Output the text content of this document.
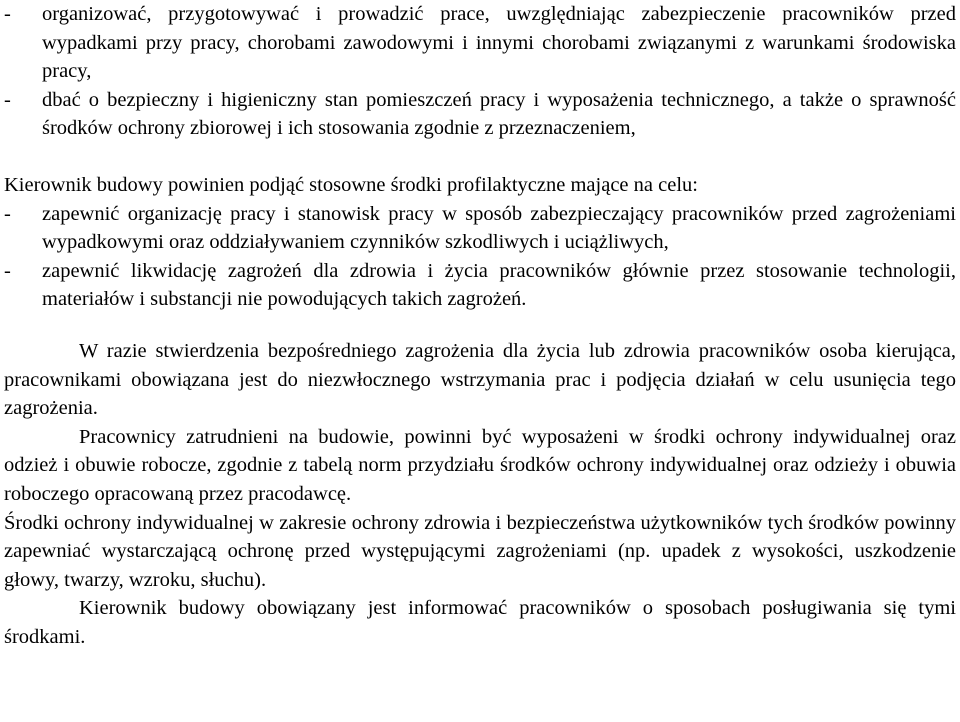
-	organizować, przygotowywać i prowadzić prace, uwzględniając zabezpieczenie pracowników przed wypadkami przy pracy, chorobami zawodowymi i innymi chorobami związanymi z warunkami środowiska pracy,
-	dbać o bezpieczny i higieniczny stan pomieszczeń pracy i wyposażenia technicznego, a także o sprawność środków ochrony zbiorowej i ich stosowania zgodnie z przeznaczeniem,

Kierownik budowy powinien podjąć stosowne środki profilaktyczne mające na celu:

-	zapewnić organizację pracy i stanowisk pracy w sposób zabezpieczający pracowników przed zagrożeniami wypadkowymi oraz oddziaływaniem czynników szkodliwych i uciążliwych,
-	zapewnić likwidację zagrożeń dla zdrowia i życia pracowników głównie przez stosowanie technologii, materiałów i substancji nie powodujących takich zagrożeń.

W razie stwierdzenia bezpośredniego zagrożenia dla życia lub zdrowia pracowników osoba kierująca, pracownikami obowiązana jest do niezwłocznego wstrzymania prac i podjęcia działań w celu usunięcia tego zagrożenia.

Pracownicy zatrudnieni na budowie, powinni być wyposażeni w środki ochrony indywidualnej oraz odzież i obuwie robocze, zgodnie z tabelą norm przydziału środków ochrony indywidualnej oraz odzieży i obuwia roboczego opracowaną przez pracodawcę.

Środki ochrony indywidualnej w zakresie ochrony zdrowia i bezpieczeństwa użytkowników tych środków powinny zapewniać wystarczającą ochronę przed występującymi zagrożeniami (np. upadek z wysokości, uszkodzenie głowy, twarzy, wzroku, słuchu).

Kierownik budowy obowiązany jest informować pracowników o sposobach posługiwania się tymi środkami.
